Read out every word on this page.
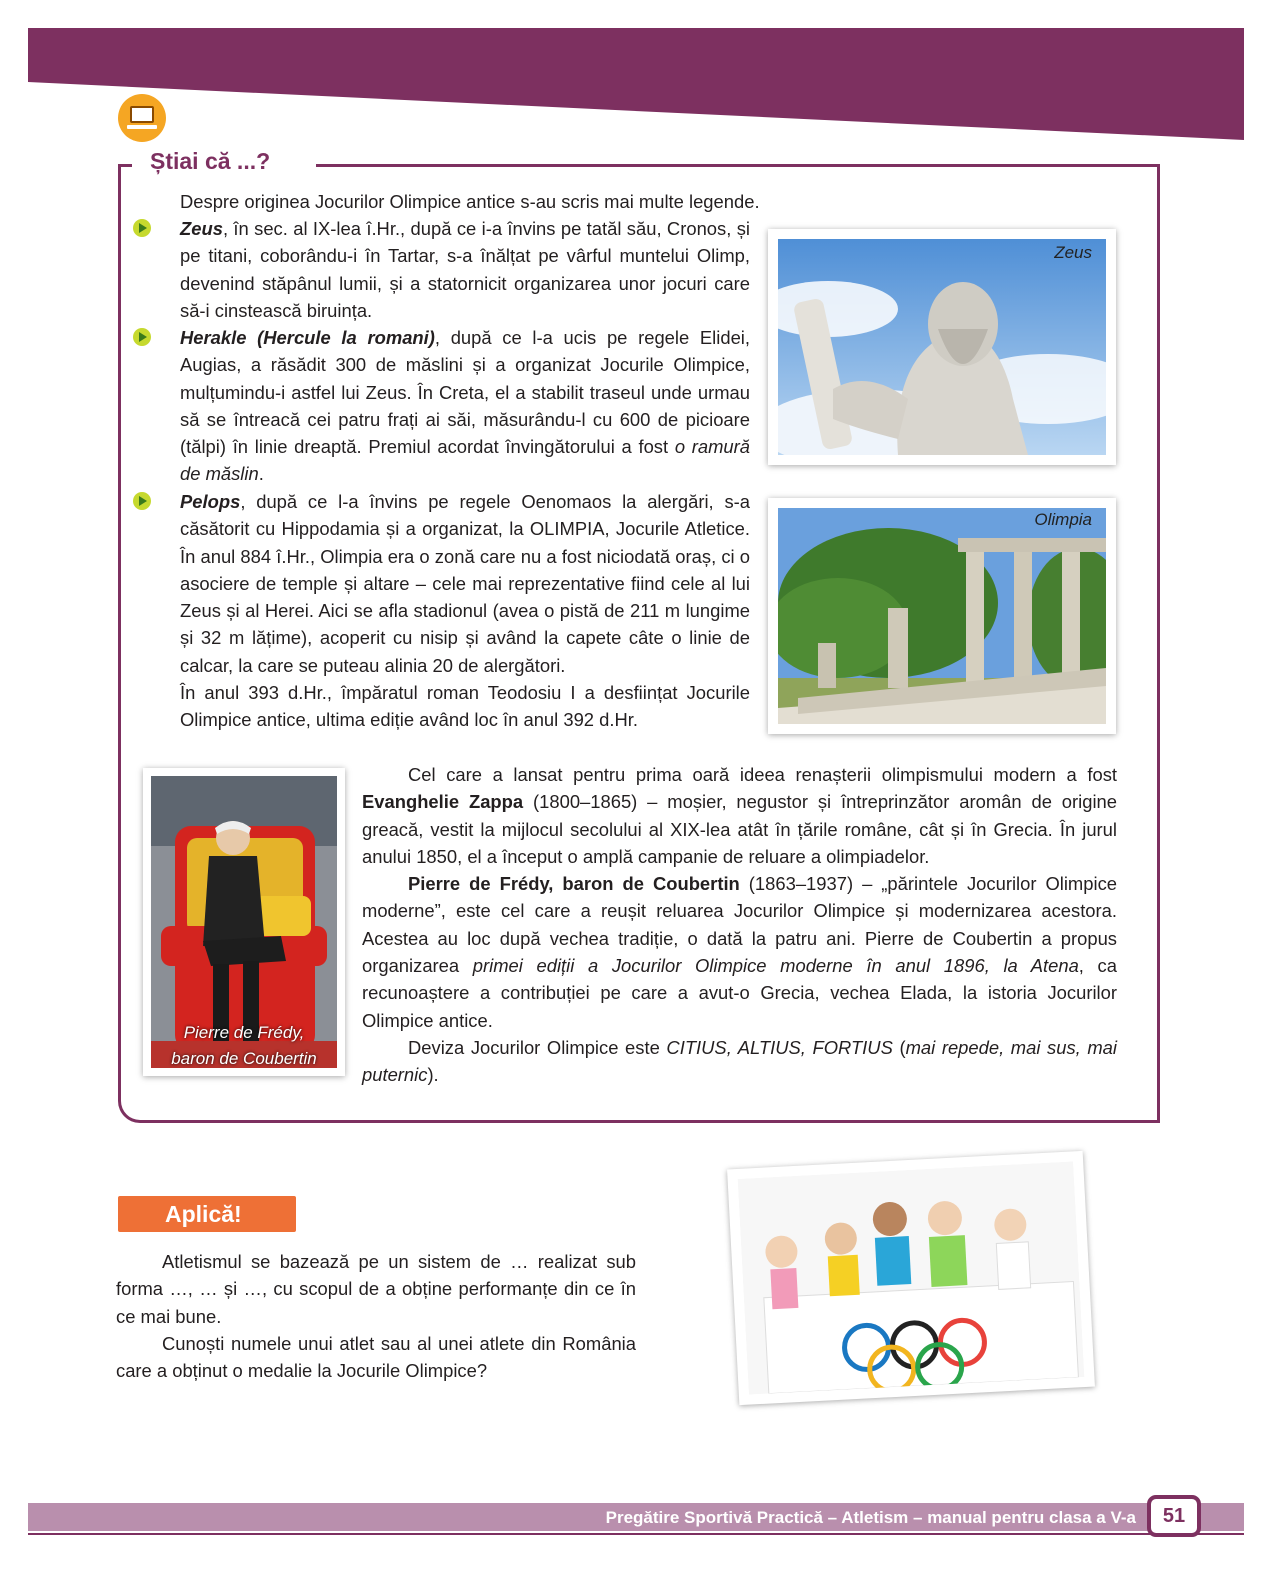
Știai că ...?
Despre originea Jocurilor Olimpice antice s-au scris mai multe legende.

Zeus, în sec. al IX-lea î.Hr., după ce i-a învins pe tatăl său, Cronos, și pe titani, coborându-i în Tartar, s-a înălțat pe vârful muntelui Olimp, devenind stăpânul lumii, și a statornicit organizarea unor jocuri care să-i cinstească biruința.

Herakle (Hercule la romani), după ce l-a ucis pe regele Elidei, Augias, a răsădit 300 de măslini și a organizat Jocurile Olimpice, mulțumindu-i astfel lui Zeus. În Creta, el a stabilit traseul unde urmau să se întreacă cei patru frați ai săi, măsurându-l cu 600 de picioare (tălpi) în linie dreaptă. Premiul acordat învingătorului a fost o ramură de măslin.

Pelops, după ce l-a învins pe regele Oenomaos la alergări, s-a căsătorit cu Hippodamia și a organizat, la OLIMPIA, Jocurile Atletice. În anul 884 î.Hr., Olimpia era o zonă care nu a fost niciodată oraș, ci o asociere de temple și altare – cele mai reprezentative fiind cele al lui Zeus și al Herei. Aici se afla stadionul (avea o pistă de 211 m lungime și 32 m lățime), acoperit cu nisip și având la capete câte o linie de calcar, la care se puteau alinia 20 de alergători.

În anul 393 d.Hr., împăratul roman Teodosiu I a desființat Jocurile Olimpice antice, ultima ediție având loc în anul 392 d.Hr.

Zeus
Olimpia
Pierre de Frédy,
baron de Coubertin

Cel care a lansat pentru prima oară ideea renașterii olimpismului modern a fost Evanghelie Zappa (1800–1865) – moșier, negustor și întreprinzător aromân de origine greacă, vestit la mijlocul secolului al XIX-lea atât în țările române, cât și în Grecia. În jurul anului 1850, el a început o amplă campanie de reluare a olimpiadelor.

Pierre de Frédy, baron de Coubertin (1863–1937) – „părintele Jocurilor Olimpice moderne”, este cel care a reușit reluarea Jocurilor Olimpice și modernizarea acestora. Acestea au loc după vechea tradiție, o dată la patru ani. Pierre de Coubertin a propus organizarea primei ediții a Jocurilor Olimpice moderne în anul 1896, la Atena, ca recunoaștere a contribuției pe care a avut-o Grecia, vechea Elada, la istoria Jocurilor Olimpice antice.

Deviza Jocurilor Olimpice este CITIUS, ALTIUS, FORTIUS (mai repede, mai sus, mai puternic).

Aplică!

Atletismul se bazează pe un sistem de … realizat sub forma …, … și …, cu scopul de a obține performanțe din ce în ce mai bune.

Cunoști numele unui atlet sau al unei atlete din România care a obținut o medalie la Jocurile Olimpice?

Pregătire Sportivă Practică – Atletism – manual pentru clasa a V-a	51
